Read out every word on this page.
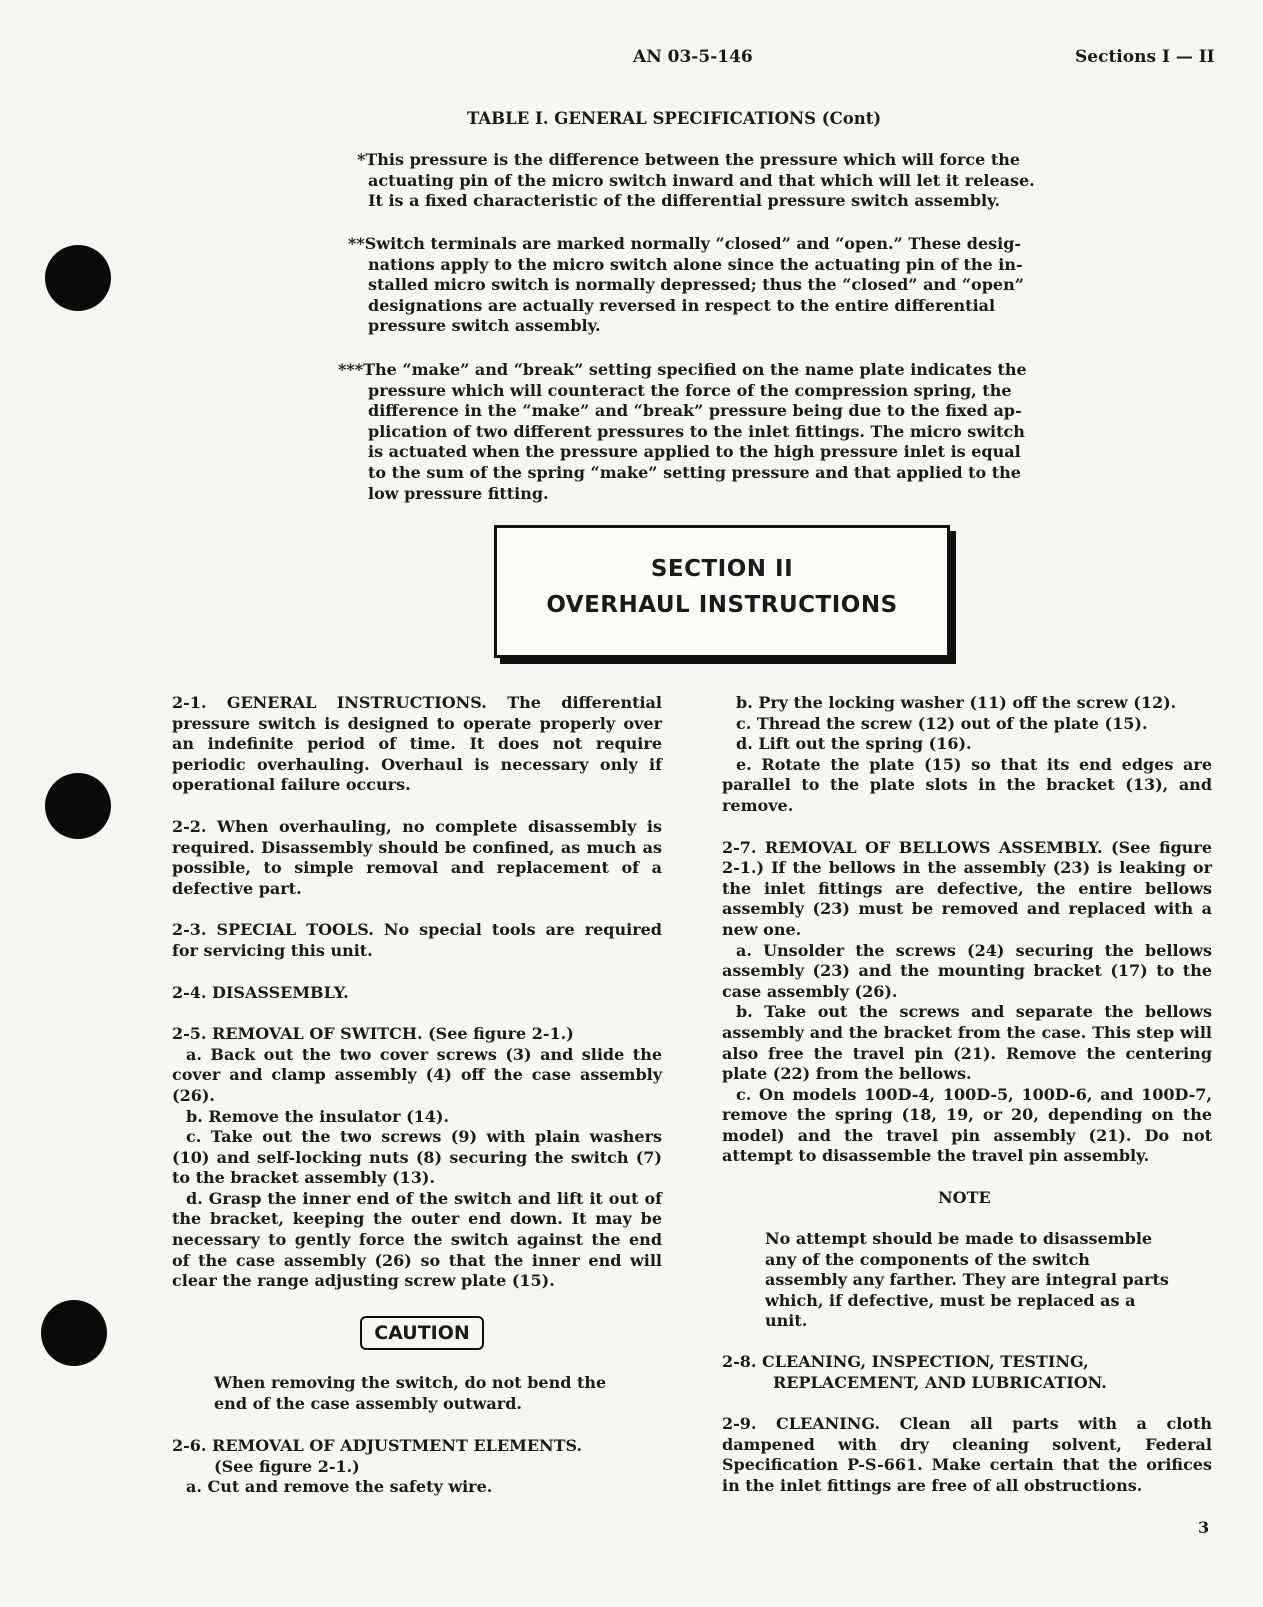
AN 03-5-146	Sections I — II
TABLE I. GENERAL SPECIFICATIONS (Cont)

*This pressure is the difference between the pressure which will force the

actuating pin of the micro switch inward and that which will let it release.

It is a fixed characteristic of the differential pressure switch assembly.

**Switch terminals are marked normally “closed” and “open.” These desig-

nations apply to the micro switch alone since the actuating pin of the in-

stalled micro switch is normally depressed; thus the “closed” and “open”

designations are actually reversed in respect to the entire differential

pressure switch assembly.

***The “make” and “break” setting specified on the name plate indicates the

pressure which will counteract the force of the compression spring, the

difference in the “make” and “break” pressure being due to the fixed ap-

plication of two different pressures to the inlet fittings. The micro switch

is actuated when the pressure applied to the high pressure inlet is equal

to the sum of the spring “make” setting pressure and that applied to the

low pressure fitting.

SECTION II
OVERHAUL INSTRUCTIONS

2-1. GENERAL INSTRUCTIONS. The differential pressure switch is designed to operate properly over an indefinite period of time. It does not require periodic overhauling. Overhaul is necessary only if operational failure occurs.

2-2. When overhauling, no complete disassembly is required. Disassembly should be confined, as much as possible, to simple removal and replacement of a defective part.

2-3. SPECIAL TOOLS. No special tools are required for servicing this unit.

2-4. DISASSEMBLY.

2-5. REMOVAL OF SWITCH. (See figure 2-1.)

a. Back out the two cover screws (3) and slide the cover and clamp assembly (4) off the case assembly (26).

b. Remove the insulator (14).

c. Take out the two screws (9) with plain washers (10) and self-locking nuts (8) securing the switch (7) to the bracket assembly (13).

d. Grasp the inner end of the switch and lift it out of the bracket, keeping the outer end down. It may be necessary to gently force the switch against the end of the case assembly (26) so that the inner end will clear the range adjusting screw plate (15).

CAUTION
When removing the switch, do not bend the end of the case assembly outward.

2-6. REMOVAL OF ADJUSTMENT ELEMENTS.

(See figure 2-1.)

a. Cut and remove the safety wire.

b. Pry the locking washer (11) off the screw (12).

c. Thread the screw (12) out of the plate (15).

d. Lift out the spring (16).

e. Rotate the plate (15) so that its end edges are parallel to the plate slots in the bracket (13), and remove.

2-7. REMOVAL OF BELLOWS ASSEMBLY. (See figure 2-1.) If the bellows in the assembly (23) is leaking or the inlet fittings are defective, the entire bellows assembly (23) must be removed and replaced with a new one.

a. Unsolder the screws (24) securing the bellows assembly (23) and the mounting bracket (17) to the case assembly (26).

b. Take out the screws and separate the bellows assembly and the bracket from the case. This step will also free the travel pin (21). Remove the centering plate (22) from the bellows.

c. On models 100D-4, 100D-5, 100D-6, and 100D-7, remove the spring (18, 19, or 20, depending on the model) and the travel pin assembly (21). Do not attempt to disassemble the travel pin assembly.

NOTE
No attempt should be made to disassemble any of the components of the switch assembly any farther. They are integral parts which, if defective, must be replaced as a unit.

2-8. CLEANING, INSPECTION, TESTING,

REPLACEMENT, AND LUBRICATION.

2-9. CLEANING. Clean all parts with a cloth dampened with dry cleaning solvent, Federal Specification P-S-661. Make certain that the orifices in the inlet fittings are free of all obstructions.

3
